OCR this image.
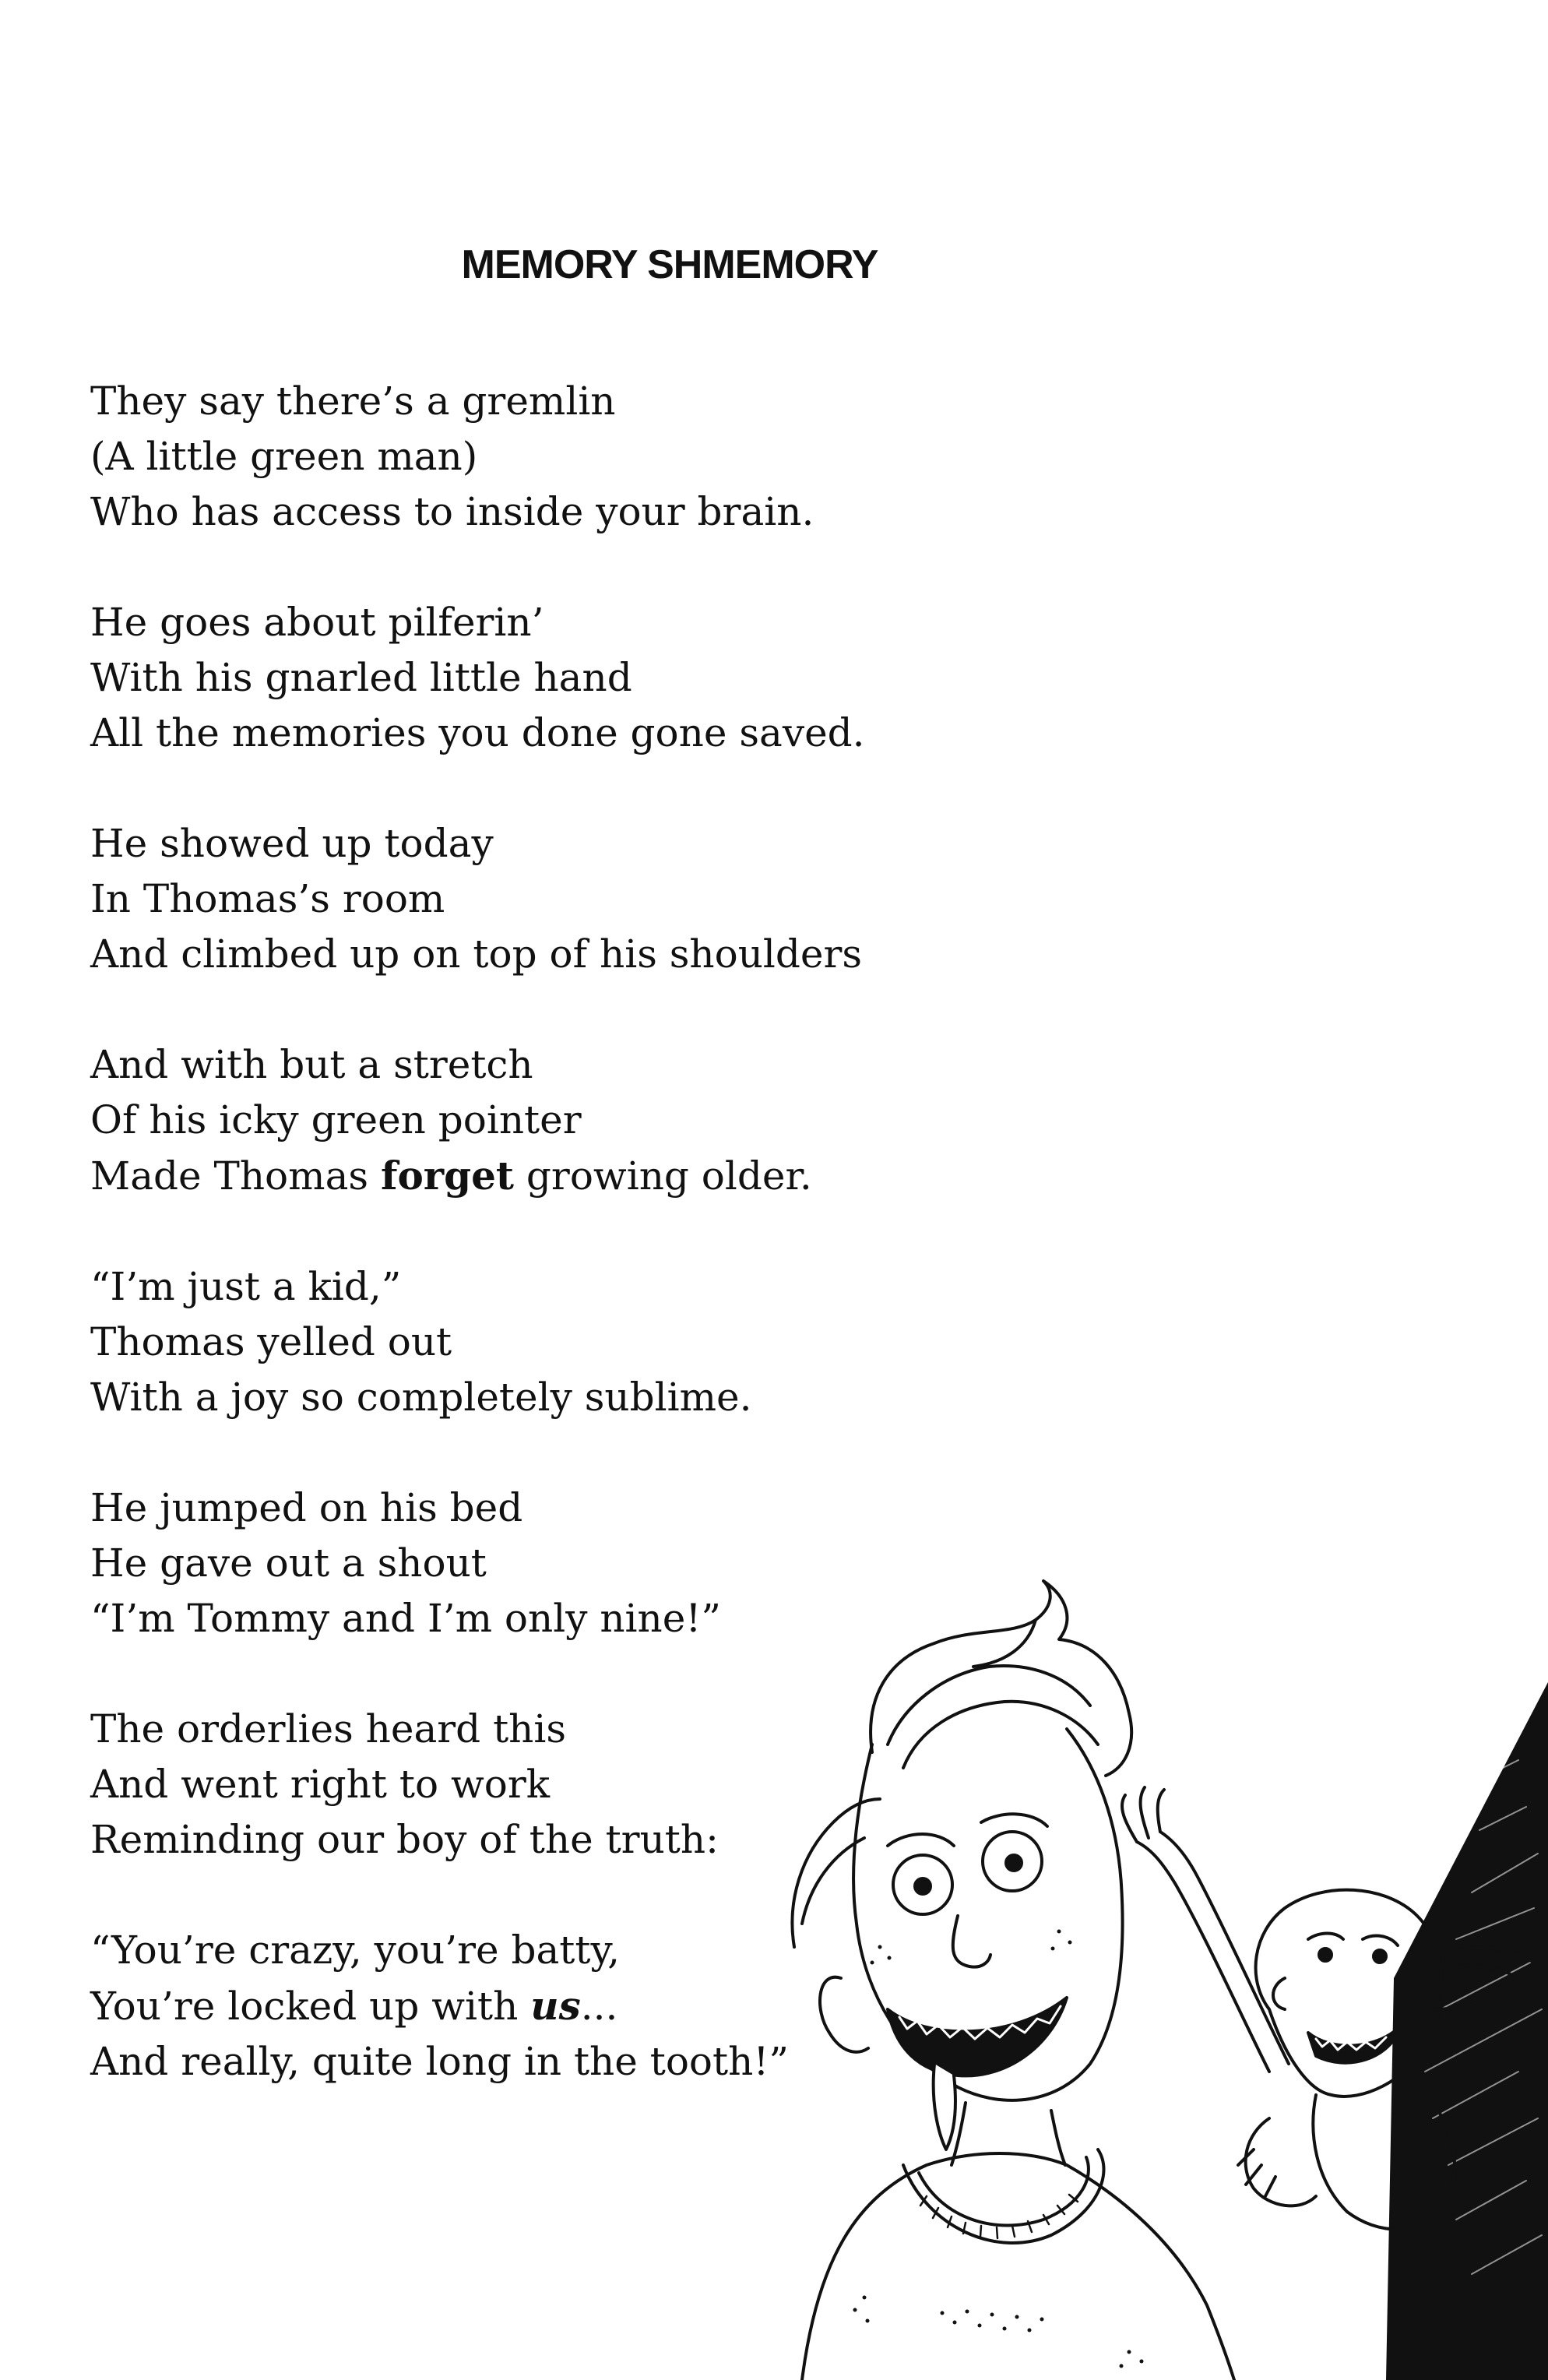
MEMORY SHMEMORY

They say there’s a gremlin
(A little green man)
Who has access to inside your brain.

He goes about pilferin’
With his gnarled little hand
All the memories you done gone saved.

He showed up today
In Thomas’s room
And climbed up on top of his shoulders

And with but a stretch
Of his icky green pointer
Made Thomas forget growing older.

“I’m just a kid,”
Thomas yelled out
With a joy so completely sublime.

He jumped on his bed
He gave out a shout
“I’m Tommy and I’m only nine!”

The orderlies heard this
And went right to work
Reminding our boy of the truth:

“You’re crazy, you’re batty,
You’re locked up with us...
And really, quite long in the tooth!”
